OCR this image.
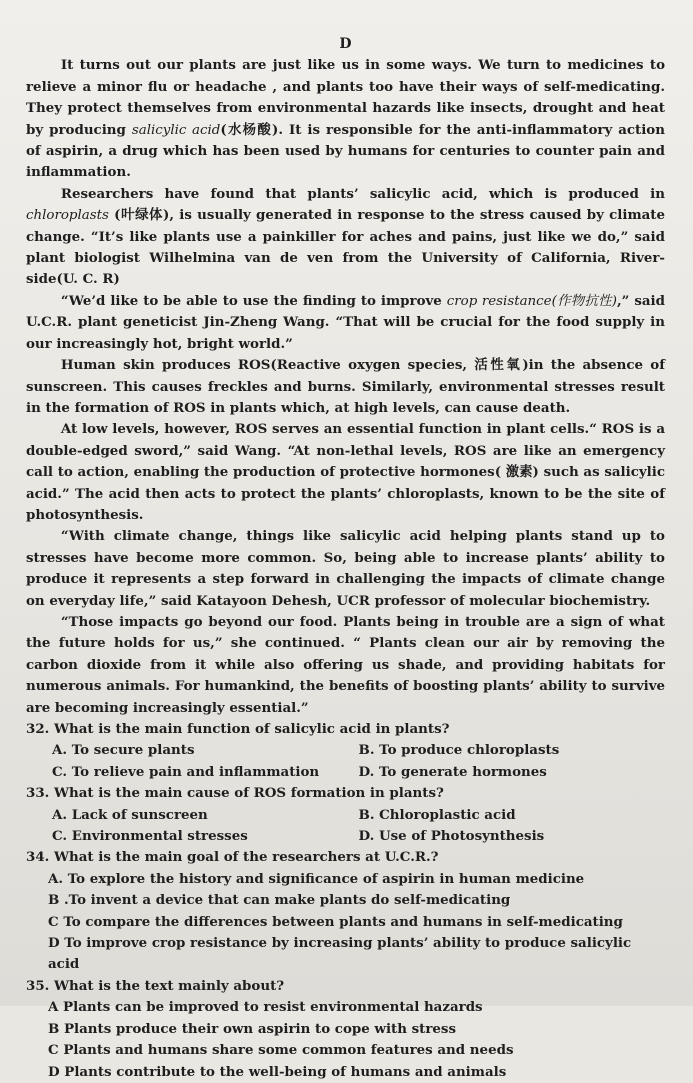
D

It turns out our plants are just like us in some ways. We turn to medicines to relieve a minor flu or headache , and plants too have their ways of self-medicating. They protect themselves from environmental hazards like insects, drought and heat by producing salicylic acid(水杨酸). It is responsible for the anti-inflammatory action of aspirin, a drug which has been used by humans for centuries to counter pain and inflammation.

Researchers have found that plants’ salicylic acid, which is produced in chloroplasts (叶绿体), is usually generated in response to the stress caused by climate change. “It’s like plants use a painkiller for aches and pains, just like we do,” said plant biologist Wilhelmina van de ven from the University of California, River-side(U. C. R)

“We’d like to be able to use the finding to improve crop resistance(作物抗性),” said U.C.R. plant geneticist Jin-Zheng Wang. “That will be crucial for the food supply in our increasingly hot, bright world.”

Human skin produces ROS(Reactive oxygen species, 活性氧)in the absence of sunscreen. This causes freckles and burns. Similarly, environmental stresses result in the formation of ROS in plants which, at high levels, can cause death.

At low levels, however, ROS serves an essential function in plant cells.“ ROS is a double-edged sword,” said Wang. “At non-lethal levels, ROS are like an emergency call to action, enabling the production of protective hormones( 激素) such as salicylic acid.” The acid then acts to protect the plants’ chloroplasts, known to be the site of photosynthesis.

“With climate change, things like salicylic acid helping plants stand up to stresses have become more common. So, being able to increase plants’ ability to produce it represents a step forward in challenging the impacts of climate change on everyday life,” said Katayoon Dehesh, UCR professor of molecular biochemistry.

“Those impacts go beyond our food. Plants being in trouble are a sign of what the future holds for us,” she continued. “ Plants clean our air by removing the carbon dioxide from it while also offering us shade, and providing habitats for numerous animals. For humankind, the benefits of boosting plants’ ability to survive are becoming increasingly essential.”

32. What is the main function of salicylic acid in plants?

A. To secure plants	B. To produce chloroplasts
C. To relieve pain and inflammation	D. To generate hormones

33. What is the main cause of ROS formation in plants?

A. Lack of sunscreen	B. Chloroplastic acid
C. Environmental stresses	D. Use of Photosynthesis

34. What is the main goal of the researchers at U.C.R.?

A. To explore the history and significance of aspirin in human medicine
B .To invent a device that can make plants do self-medicating
C To compare the differences between plants and humans in self-medicating
D To improve crop resistance by increasing plants’ ability to produce salicylic acid

35. What is the text mainly about?

A Plants can be improved to resist environmental hazards
B Plants produce their own aspirin to cope with stress
C Plants and humans share some common features and needs
D Plants contribute to the well-being of humans and animals
